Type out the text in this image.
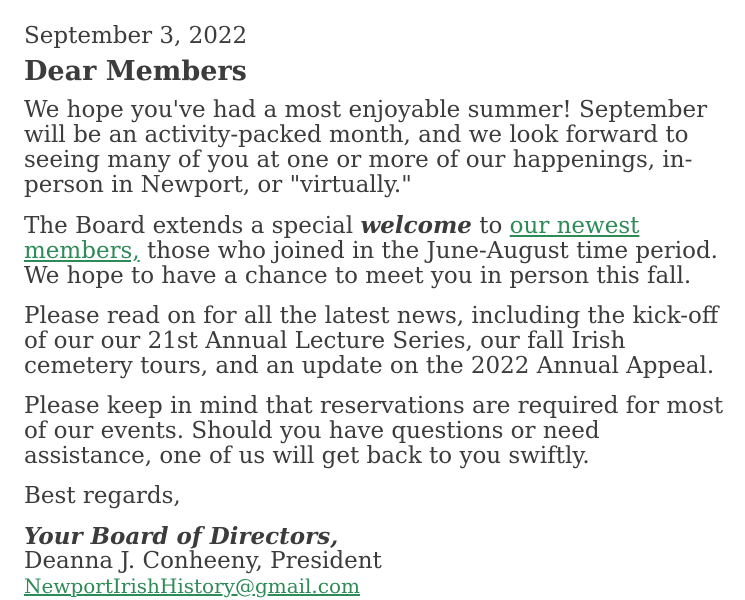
September 3, 2022
Dear Members

We hope you've had a most enjoyable summer! September will be an activity-packed month, and we look forward to seeing many of you at one or more of our happenings, in-person in Newport, or "virtually."

The Board extends a special welcome to our newest members, those who joined in the June-August time period. We hope to have a chance to meet you in person this fall.

Please read on for all the latest news, including the kick-off of our our 21st Annual Lecture Series, our fall Irish cemetery tours, and an update on the 2022 Annual Appeal.

Please keep in mind that reservations are required for most of our events. Should you have questions or need assistance, one of us will get back to you swiftly.

Best regards,

Your Board of Directors,

Deanna J. Conheeny, President

NewportIrishHistory@gmail.com
